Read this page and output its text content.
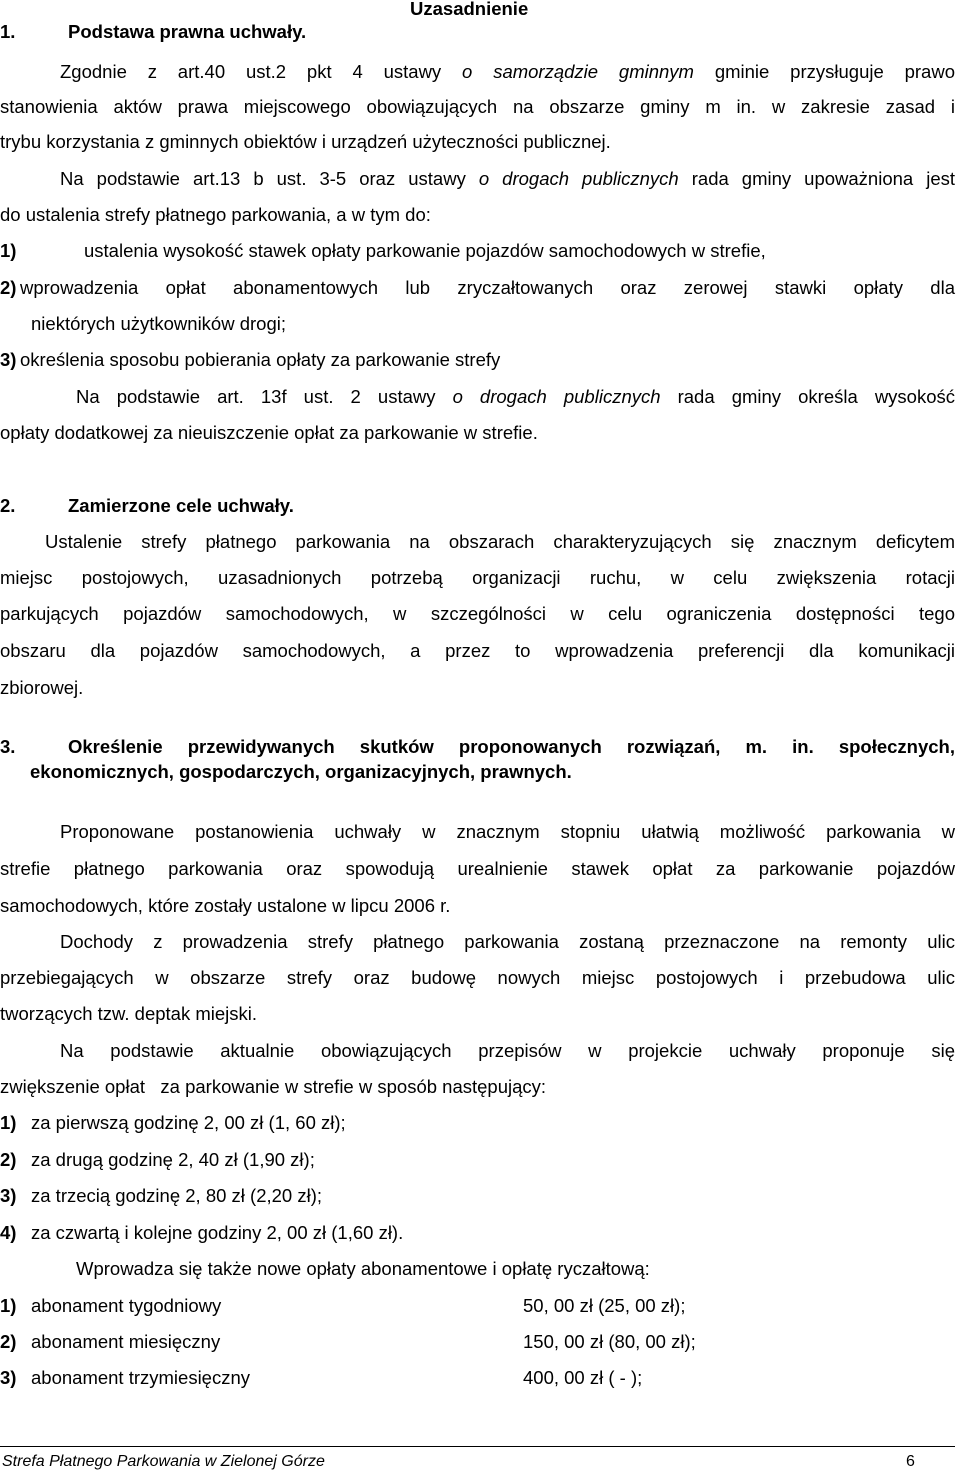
Uzasadnienie
1.	Podstawa prawna uchwały.
Zgodnie z art.40 ust.2 pkt 4 ustawy o samorządzie gminnym gminie przysługuje prawo
stanowienia aktów prawa miejscowego obowiązujących na obszarze gminy m in. w zakresie zasad i
trybu korzystania z gminnych obiektów i urządzeń użyteczności publicznej.
Na podstawie art.13 b ust. 3-5 oraz ustawy o drogach publicznych rada gminy upoważniona jest
do ustalenia strefy płatnego parkowania, a w tym do:
1)	ustalenia wysokość stawek opłaty parkowanie pojazdów samochodowych w strefie,
2) wprowadzenia opłat abonamentowych lub zryczałtowanych oraz zerowej stawki opłaty dla
niektórych użytkowników drogi;
3) określenia sposobu pobierania opłaty za parkowanie strefy
Na podstawie art. 13f ust. 2 ustawy o drogach publicznych rada gminy określa wysokość
opłaty dodatkowej za nieuiszczenie opłat za parkowanie w strefie.
2.	Zamierzone cele uchwały.
Ustalenie strefy płatnego parkowania na obszarach charakteryzujących się znacznym deficytem
miejsc postojowych, uzasadnionych potrzebą organizacji ruchu, w celu zwiększenia rotacji
parkujących pojazdów samochodowych, w szczególności w celu ograniczenia dostępności tego
obszaru dla pojazdów samochodowych, a przez to wprowadzenia preferencji dla komunikacji
zbiorowej.
3.	Określenie przewidywanych skutków proponowanych rozwiązań, m. in. społecznych,
ekonomicznych, gospodarczych, organizacyjnych, prawnych.
Proponowane postanowienia uchwały w znacznym stopniu ułatwią możliwość parkowania w
strefie płatnego parkowania oraz spowodują urealnienie stawek opłat za parkowanie pojazdów
samochodowych, które zostały ustalone w lipcu 2006 r.
Dochody z prowadzenia strefy płatnego parkowania zostaną przeznaczone na remonty ulic
przebiegających w obszarze strefy oraz budowę nowych miejsc postojowych i przebudowa ulic
tworzących tzw. deptak miejski.
Na podstawie aktualnie obowiązujących przepisów w projekcie uchwały proponuje się
zwiększenie opłat   za parkowanie w strefie w sposób następujący:
1) za pierwszą godzinę 2, 00 zł (1, 60 zł);
2) za drugą godzinę 2, 40 zł (1,90 zł);
3) za trzecią godzinę 2, 80 zł (2,20 zł);
4) za czwartą i kolejne godziny 2, 00 zł (1,60 zł).
Wprowadza się także nowe opłaty abonamentowe i opłatę ryczałtową:
1) abonament tygodniowy	50, 00 zł (25, 00 zł);
2) abonament miesięczny	150, 00 zł (80, 00 zł);
3) abonament trzymiesięczny	400, 00 zł ( - );
Strefa Płatnego Parkowania w Zielonej Górze	6
